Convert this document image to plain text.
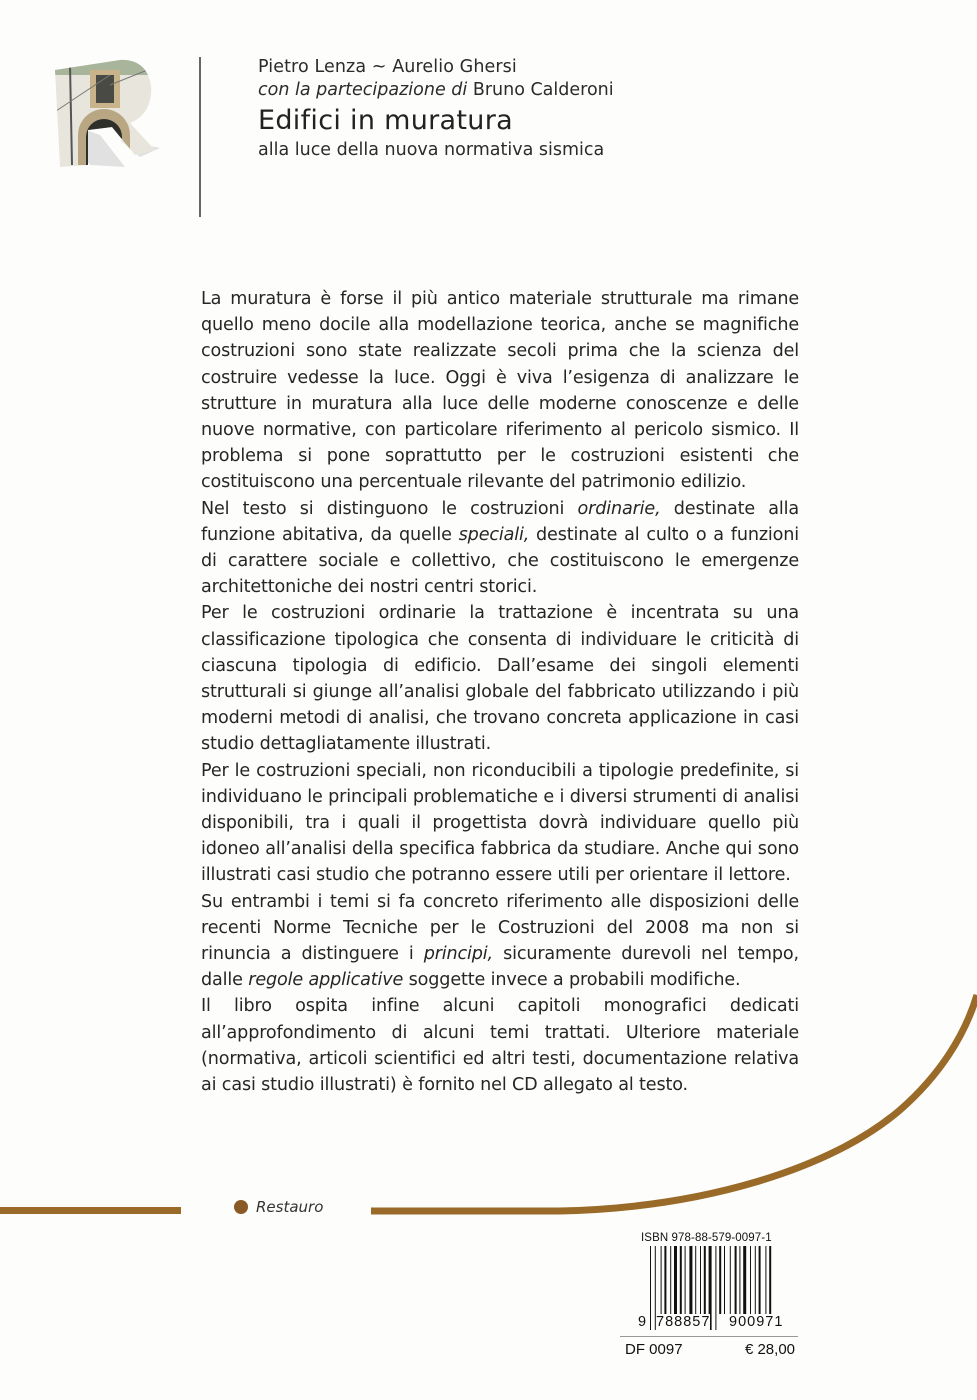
Pietro Lenza ~ Aurelio Ghersi
con la partecipazione di Bruno Calderoni
Edifici in muratura
alla luce della nuova normativa sismica

La muratura è forse il più antico materiale strutturale ma rimane quello meno docile alla modellazione teorica, anche se magnifiche costruzioni sono state realizzate secoli prima che la scienza del costruire vedesse la luce. Oggi è viva l’esigenza di analizzare le strutture in muratura alla luce delle moderne conoscenze e delle nuove normative, con particolare riferimento al pericolo sismico. Il problema si pone soprattutto per le costruzioni esistenti che costituiscono una percentuale rilevante del patrimonio edilizio.

Nel testo si distinguono le costruzioni ordinarie, destinate alla funzione abitativa, da quelle speciali, destinate al culto o a funzioni di carattere sociale e collettivo, che costituiscono le emergenze architettoniche dei nostri centri storici.

Per le costruzioni ordinarie la trattazione è incentrata su una classificazione tipologica che consenta di individuare le criticità di ciascuna tipologia di edificio. Dall’esame dei singoli elementi strutturali si giunge all’analisi globale del fabbricato utilizzando i più moderni metodi di analisi, che trovano concreta applicazione in casi studio dettagliatamente illustrati.

Per le costruzioni speciali, non riconducibili a tipologie predefinite, si individuano le principali problematiche e i diversi strumenti di analisi disponibili, tra i quali il progettista dovrà individuare quello più idoneo all’analisi della specifica fabbrica da studiare. Anche qui sono illustrati casi studio che potranno essere utili per orientare il lettore.

Su entrambi i temi si fa concreto riferimento alle disposizioni delle recenti Norme Tecniche per le Costruzioni del 2008 ma non si rinuncia a distinguere i principi, sicuramente durevoli nel tempo, dalle regole applicative soggette invece a probabili modifiche.

Il libro ospita infine alcuni capitoli monografici dedicati all’approfondimento di alcuni temi trattati. Ulteriore materiale (normativa, articoli scientifici ed altri testi, documentazione relativa ai casi studio illustrati) è fornito nel CD allegato al testo.

Restauro
ISBN 978-88-579-0097-1
9 788857 900971
DF 0097	€ 28,00
